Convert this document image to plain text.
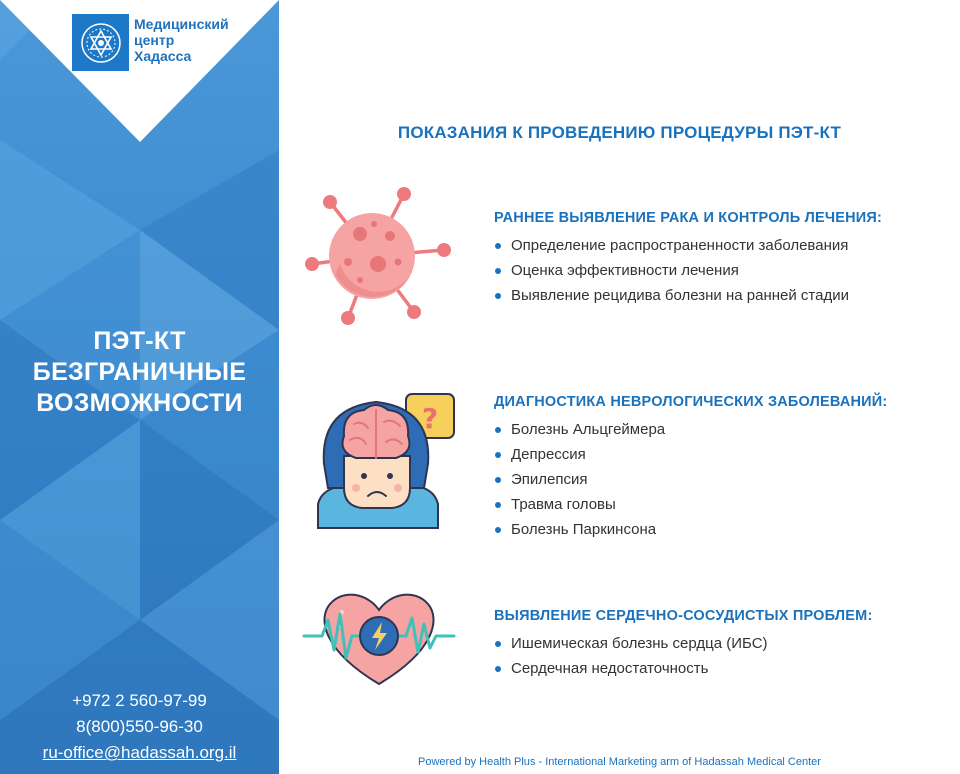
Медицинский
центр
Хадасса
ПЭТ-КТ
БЕЗГРАНИЧНЫЕ
ВОЗМОЖНОСТИ
+972 2 560-97-99
8(800)550-96-30
ru-office@hadassah.org.il
ПОКАЗАНИЯ К ПРОВЕДЕНИЮ ПРОЦЕДУРЫ ПЭТ-КТ
РАННЕЕ ВЫЯВЛЕНИЕ РАКА И КОНТРОЛЬ ЛЕЧЕНИЯ:
Определение распространенности заболевания
Оценка эффективности лечения
Выявление рецидива болезни на ранней стадии
?	ДИАГНОСТИКА НЕВРОЛОГИЧЕСКИХ ЗАБОЛЕВАНИЙ:
Болезнь Альцгеймера
Депрессия
Эпилепсия
Травма головы
Болезнь Паркинсона
ВЫЯВЛЕНИЕ СЕРДЕЧНО-СОСУДИСТЫХ ПРОБЛЕМ:
Ишемическая болезнь сердца (ИБС)
Сердечная недостаточность
Powered by Health Plus - International Marketing arm of Hadassah Medical Center
